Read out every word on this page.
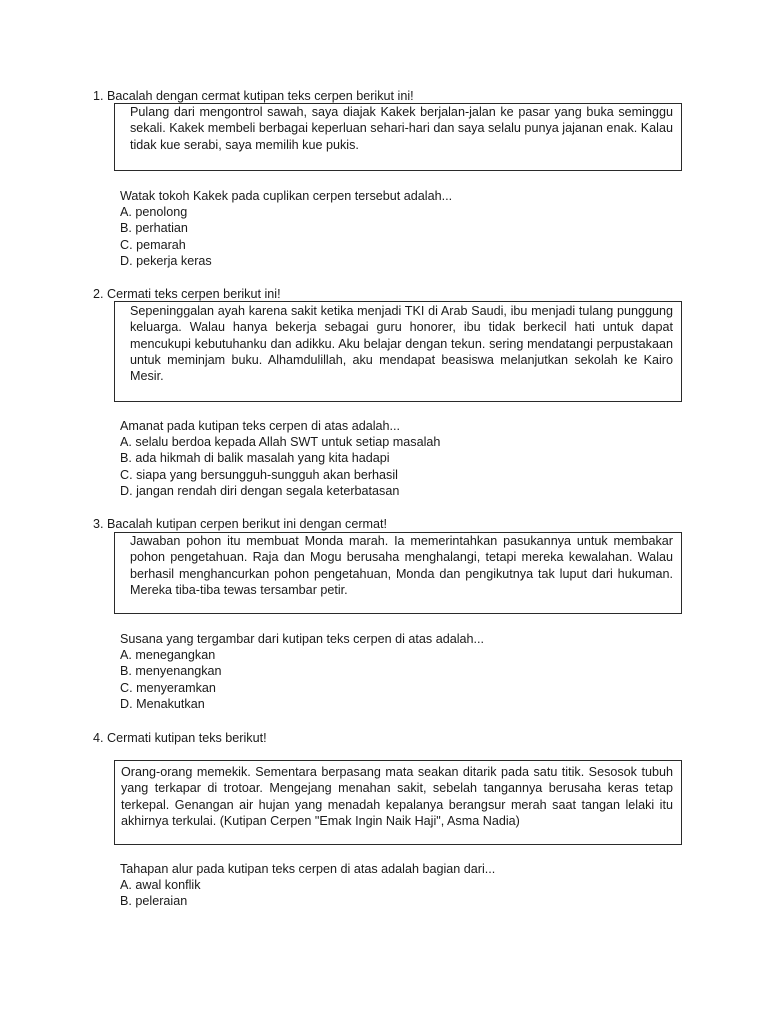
1. Bacalah dengan cermat kutipan teks cerpen berikut ini!

Pulang dari mengontrol sawah, saya diajak Kakek berjalan-jalan ke pasar yang buka seminggu sekali. Kakek membeli berbagai keperluan sehari-hari dan saya selalu punya jajanan enak. Kalau tidak kue serabi, saya memilih kue pukis.

Watak tokoh Kakek pada cuplikan cerpen tersebut adalah...
A. penolong
B. perhatian
C. pemarah
D. pekerja keras
2. Cermati teks cerpen berikut ini!

Sepeninggalan ayah karena sakit ketika menjadi TKI di Arab Saudi, ibu menjadi tulang punggung keluarga. Walau hanya bekerja sebagai guru honorer, ibu tidak berkecil hati untuk dapat mencukupi kebutuhanku dan adikku. Aku belajar dengan tekun. sering mendatangi perpustakaan untuk meminjam buku. Alhamdulillah, aku mendapat beasiswa melanjutkan sekolah ke Kairo Mesir.

Amanat pada kutipan teks cerpen di atas adalah...
A. selalu berdoa kepada Allah SWT untuk setiap masalah
B. ada hikmah di balik masalah yang kita hadapi
C. siapa yang bersungguh-sungguh akan berhasil
D. jangan rendah diri dengan segala keterbatasan
3. Bacalah kutipan cerpen berikut ini dengan cermat!

Jawaban pohon itu membuat Monda marah. Ia memerintahkan pasukannya untuk membakar pohon pengetahuan. Raja dan Mogu berusaha menghalangi, tetapi mereka kewalahan. Walau berhasil menghancurkan pohon pengetahuan, Monda dan pengikutnya tak luput dari hukuman. Mereka tiba-tiba tewas tersambar petir.

Susana yang tergambar dari kutipan teks cerpen di atas adalah...
A. menegangkan
B. menyenangkan
C. menyeramkan
D. Menakutkan
4. Cermati kutipan teks berikut!

Orang-orang memekik. Sementara berpasang mata seakan ditarik pada satu titik. Sesosok tubuh yang terkapar di trotoar. Mengejang menahan sakit, sebelah tangannya berusaha keras tetap terkepal. Genangan air hujan yang menadah kepalanya berangsur merah saat tangan lelaki itu akhirnya terkulai. (Kutipan Cerpen "Emak Ingin Naik Haji", Asma Nadia)

Tahapan alur pada kutipan teks cerpen di atas adalah bagian dari...
A. awal konflik
B. peleraian
